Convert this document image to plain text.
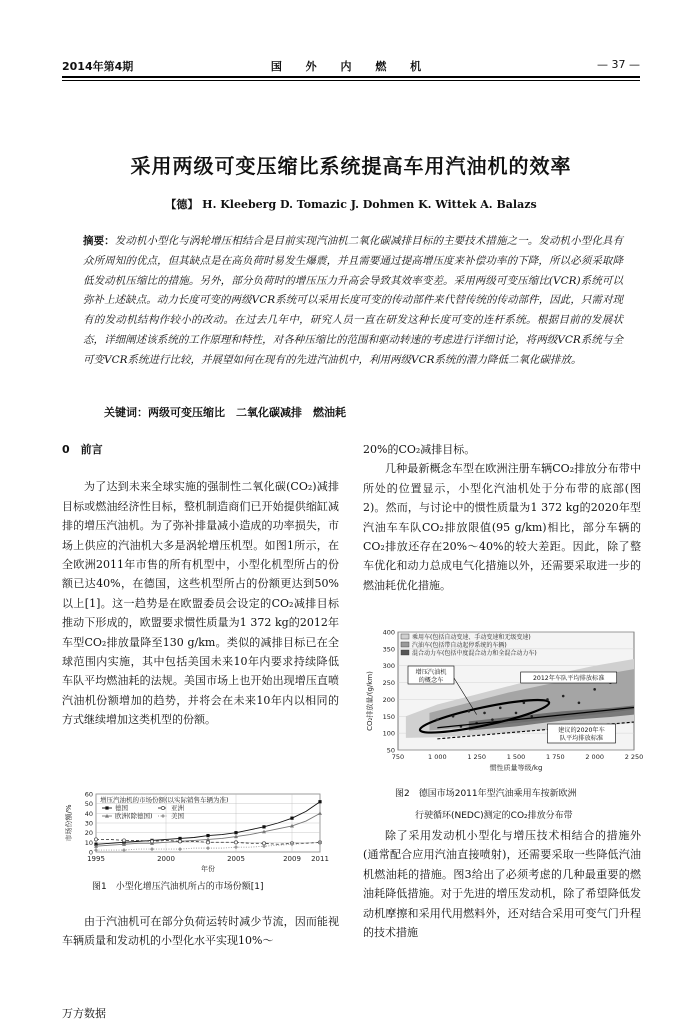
2014年第4期	国 外 内 燃 机	— 37 —
采用两级可变压缩比系统提高车用汽油机的效率
【德】 H. Kleeberg D. Tomazic J. Dohmen K. Wittek A. Balazs
摘要：发动机小型化与涡轮增压相结合是目前实现汽油机二氧化碳减排目标的主要技术措施之一。发动机小型化具有众所周知的优点，但其缺点是在高负荷时易发生爆震，并且需要通过提高增压度来补偿功率的下降，所以必须采取降低发动机压缩比的措施。另外，部分负荷时的增压压力升高会导致其效率变差。采用两级可变压缩比(VCR)系统可以弥补上述缺点。动力长度可变的两级VCR系统可以采用长度可变的传动部件来代替传统的传动部件，因此，只需对现有的发动机结构作较小的改动。在过去几年中，研究人员一直在研发这种长度可变的连杆系统。根据目前的发展状态，详细阐述该系统的工作原理和特性，对各种压缩比的范围和驱动转速的考虑进行详细讨论，将两级VCR系统与全可变VCR系统进行比较，并展望如何在现有的先进汽油机中，利用两级VCR系统的潜力降低二氧化碳排放。
关键词：两级可变压缩比　二氧化碳减排　燃油耗
0　前言

为了达到未来全球实施的强制性二氧化碳(CO₂)减排目标或燃油经济性目标，整机制造商们已开始提供缩缸减排的增压汽油机。为了弥补排量减小造成的功率损失，市场上供应的汽油机大多是涡轮增压机型。如图1所示，在全欧洲2011年市售的所有机型中，小型化机型所占的份额已达40%，在德国，这些机型所占的份额更达到50%以上[1]。这一趋势是在欧盟委员会设定的CO₂减排目标推动下形成的，欧盟要求惯性质量为1 372 kg的2012年车型CO₂排放量降至130 g/km。类似的减排目标已在全球范围内实施，其中包括美国未来10年内要求持续降低车队平均燃油耗的法规。美国市场上也开始出现增压直喷汽油机份额增加的趋势，并将会在未来10年内以相同的方式继续增加这类机型的份额。

0
10
20
30
40
50
60
1995	2000	2005	2009 2011
年份
市场份额/%
增压汽油机的市场份额(以实际销售车辆为准)
德国
欧洲(除德国)
亚洲
美国
图1　小型化增压汽油机所占的市场份额[1]

由于汽油机可在部分负荷运转时减少节流，因而能视车辆质量和发动机的小型化水平实现10%～

20%的CO₂减排目标。

几种最新概念车型在欧洲注册车辆CO₂排放分布带中所处的位置显示，小型化汽油机处于分布带的底部(图2)。然而，与讨论中的惯性质量为1 372 kg的2020年型汽油车车队CO₂排放限值(95 g/km)相比，部分车辆的CO₂排放还存在20%～40%的较大差距。因此，除了整车优化和动力总成电气化措施以外，还需要采取进一步的燃油耗优化措施。

50
100
150
200
250
300
350
400
750	1 000	1 250	1 500	1 750	2 000	2 250
惯性质量等级/kg
CO₂排放量/(g/km)
乘用车(包括自动变速、手动变速和无级变速)
汽油车(包括带自动起停系统的车辆)
混合动力车(包括中度混合动力和全混合动力车)
增压汽油机
的概念车	2012年车队平均排放标准
建议的2020年车
队平均排放标准
图2　德国市场2011年型汽油乘用车按新欧洲
行驶循环(NEDC)测定的CO₂排放分布带

除了采用发动机小型化与增压技术相结合的措施外(通常配合应用汽油直接喷射)，还需要采取一些降低汽油机燃油耗的措施。图3给出了必须考虑的几种最重要的燃油耗降低措施。对于先进的增压发动机，除了希望降低发动机摩擦和采用代用燃料外，还对结合采用可变气门升程的技术措施

万方数据
